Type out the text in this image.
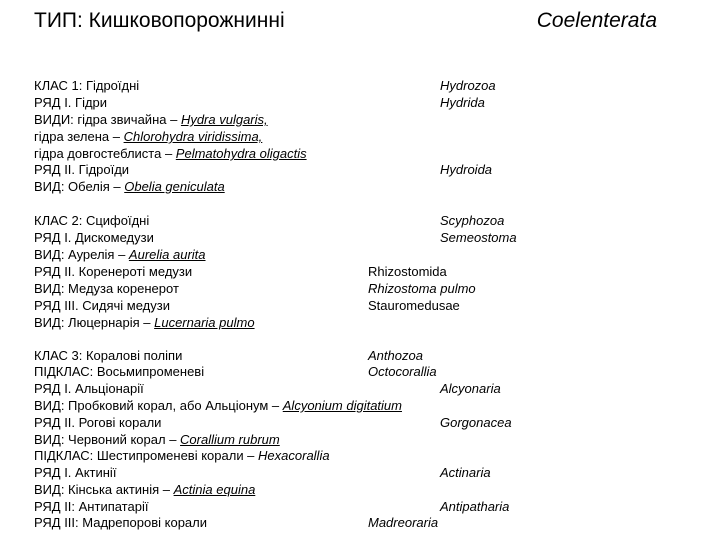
ТИП: Кишковопорожнинні	Coelenterata
КЛАС 1: Гідроїдні	Hydrozoa
РЯД I. Гідри	Hydrida
ВИДИ: гідра звичайна – Hydra vulgaris,
гідра зелена – Chlorohydra viridissima,
гідра довгостеблиста – Pelmatohydra oligactis
РЯД II. Гідроїди	Hydroida
ВИД: Обелія – Obelia geniculata
КЛАС 2: Сцифоїдні	Scyphozoa
РЯД I. Дискомедузи	Semeostoma
ВИД: Аурелія – Aurelia aurita
РЯД II. Коренероті медузи	Rhizostomida
ВИД: Медуза коренерот	Rhizostoma pulmo
РЯД III. Сидячі медузи	Stauromedusae
ВИД: Люцернарія – Lucernaria pulmo
КЛАС 3: Коралові поліпи	Anthozoa
ПІДКЛАС: Восьмипроменеві	Octocorallia
РЯД I. Альціонарії	Alcyonaria
ВИД: Пробковий корал, або Альціонум – Alcyonium digitatium
РЯД II. Рогові корали	Gorgonacea
ВИД: Червоний корал – Corallium rubrum
ПІДКЛАС: Шестипроменеві корали – Hexacorallia
РЯД I. Актинії	Actinaria
ВИД: Кінська актинія – Actinia equina
РЯД II: Антипатарії	Antipatharia
РЯД III: Мадрепорові корали	Madreoraria
